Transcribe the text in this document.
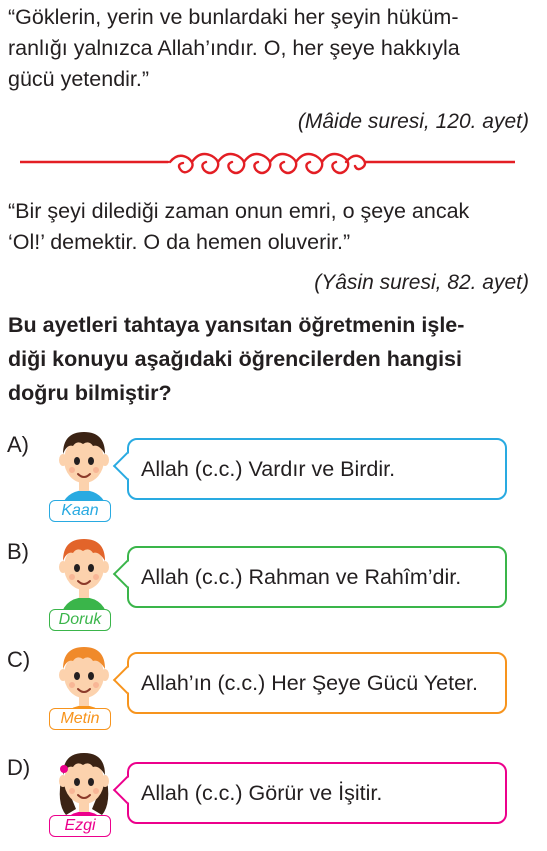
“Göklerin, yerin ve bunlardaki her şeyin hüküm-
ranlığı yalnızca Allah’ındır. O, her şeye hakkıyla
gücü yetendir.”
(Mâide suresi, 120. ayet)
“Bir şeyi dilediği zaman onun emri, o şeye ancak
‘Ol!’ demektir. O da hemen oluverir.”
(Yâsin suresi, 82. ayet)
Bu ayetleri tahtaya yansıtan öğretmenin işle-
diği konuyu aşağıdaki öğrencilerden hangisi
doğru bilmiştir?
A)
Kaan
Allah (c.c.) Vardır ve Birdir.
B)
Doruk
Allah (c.c.) Rahman ve Rahîm’dir.
C)
Metin
Allah’ın (c.c.) Her Şeye Gücü Yeter.
D)
Ezgi
Allah (c.c.) Görür ve İşitir.
